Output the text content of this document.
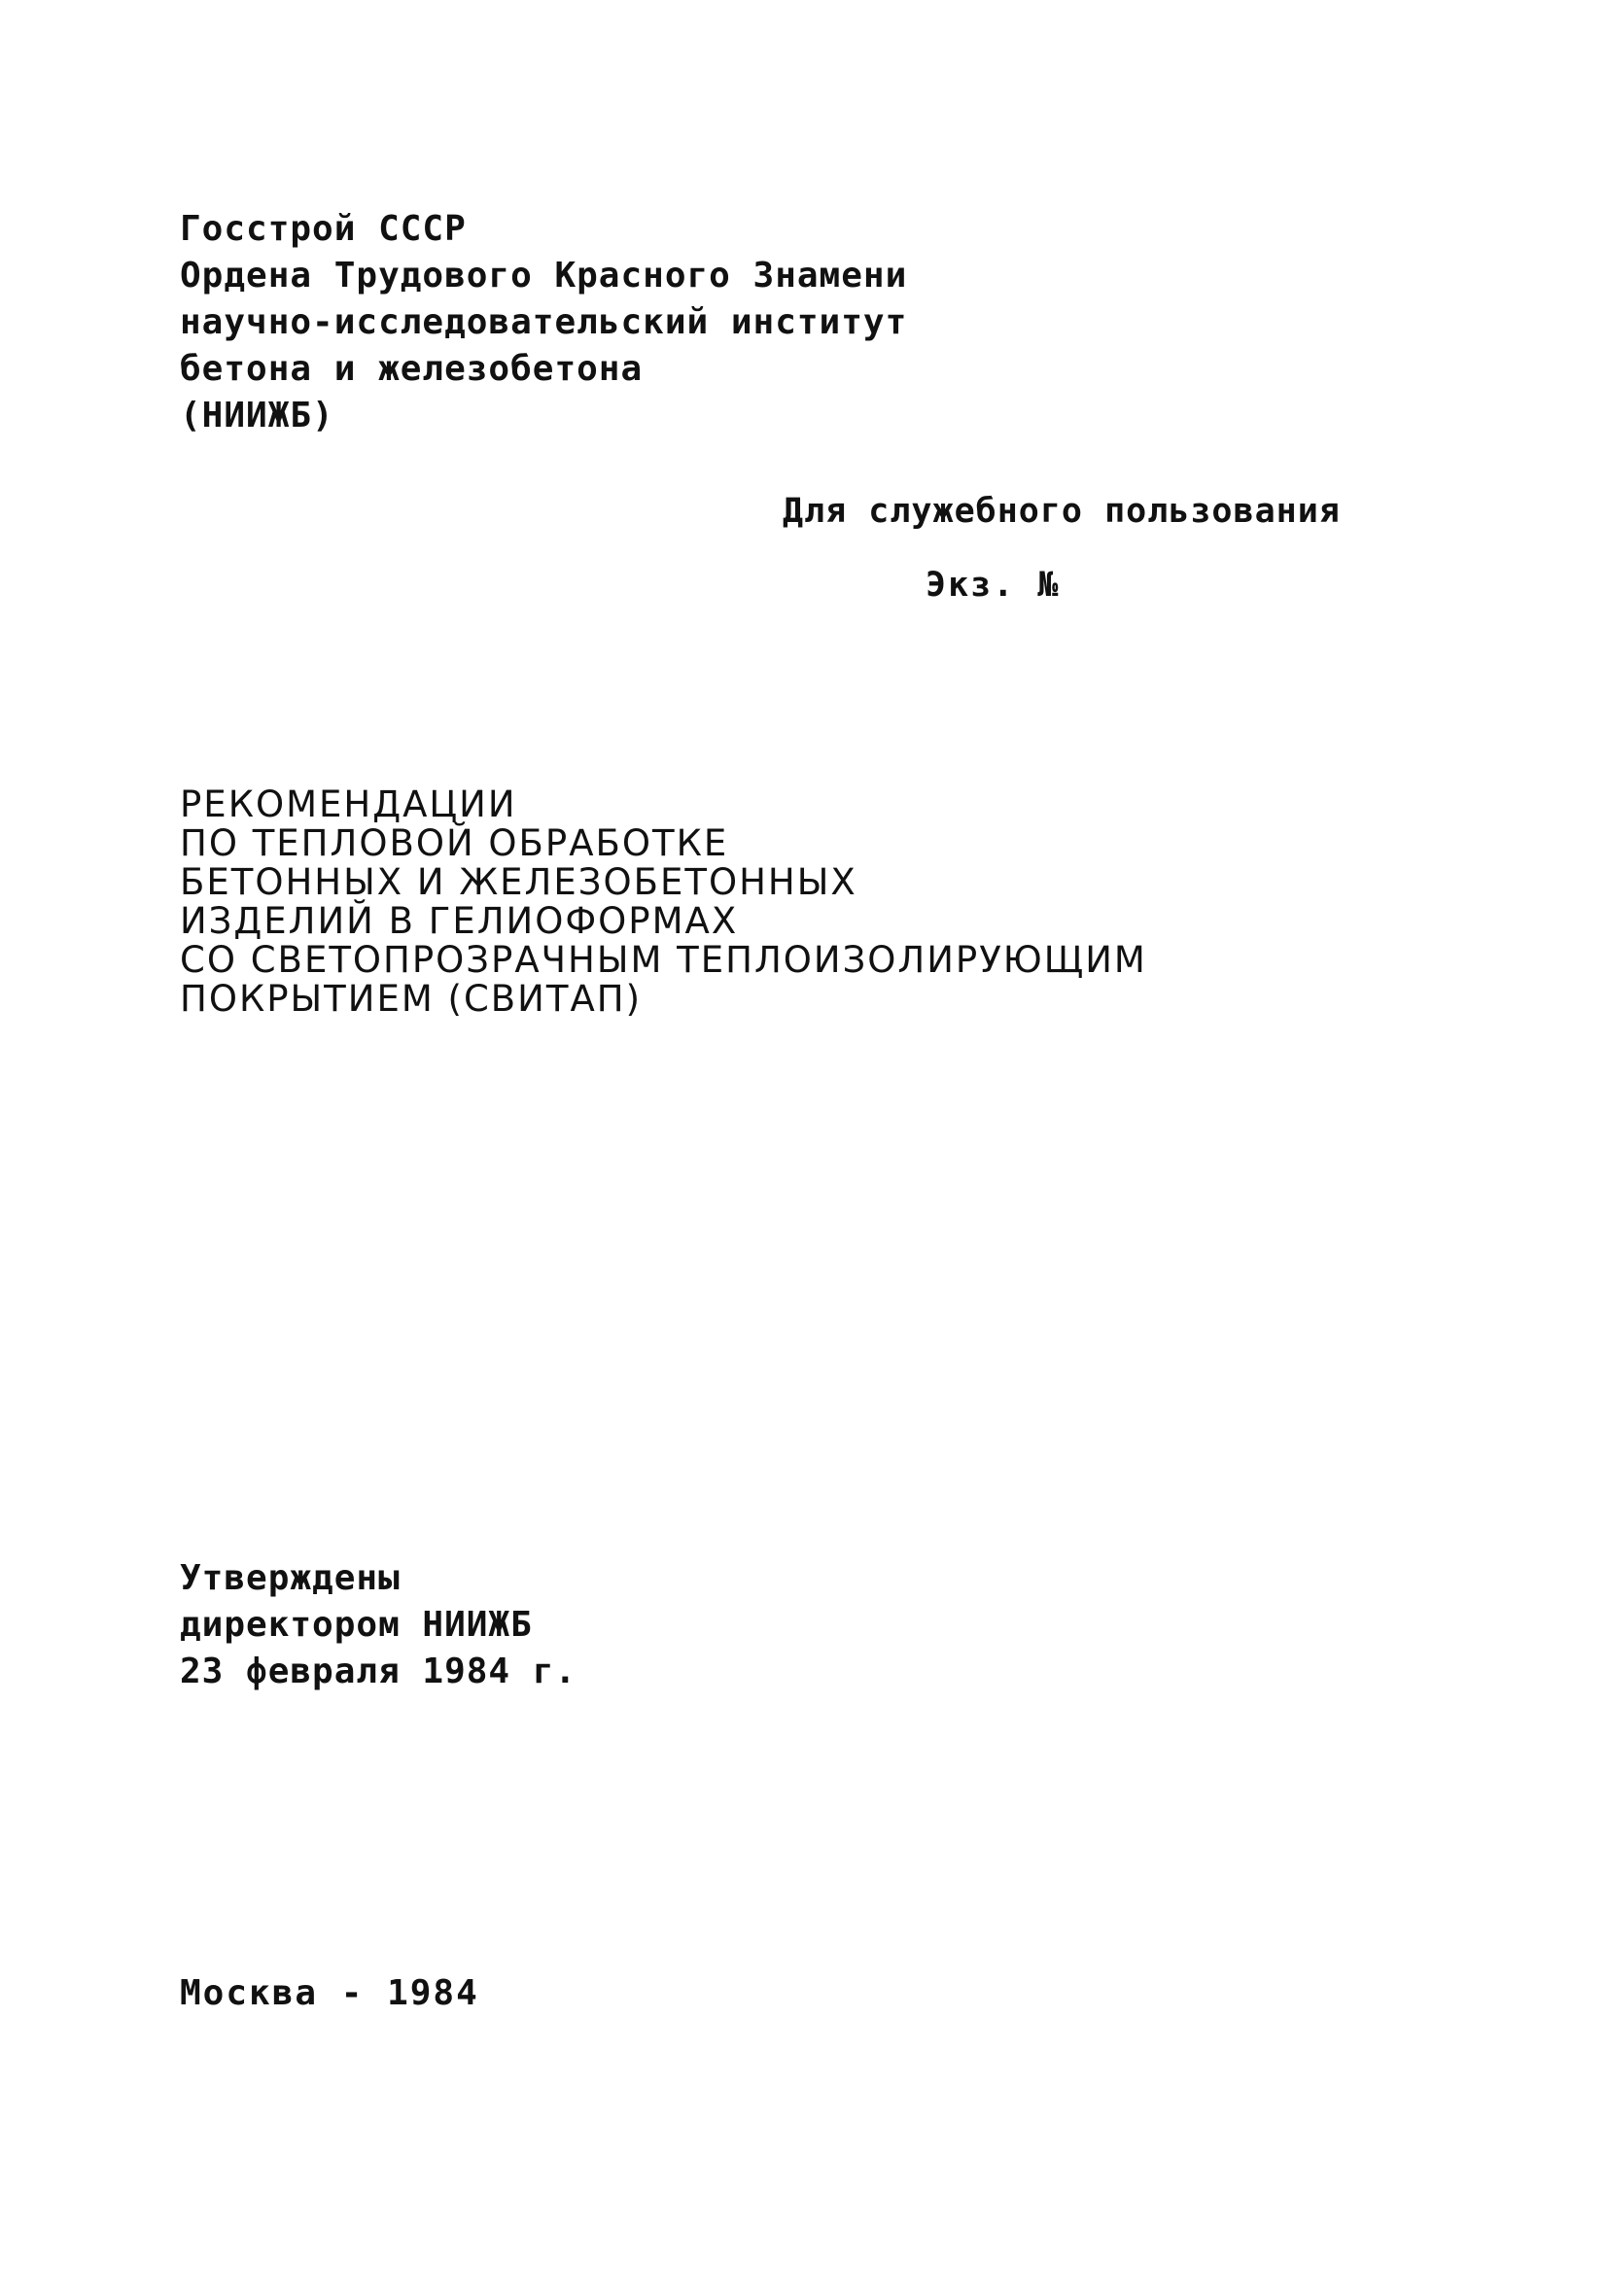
Госстрой СССР
Ордена Трудового Красного Знамени
научно-исследовательский институт
бетона и железобетона
(НИИЖБ)
Для служебного пользования
Экз. №
РЕКОМЕНДАЦИИ
ПО ТЕПЛОВОЙ ОБРАБОТКЕ
БЕТОННЫХ И ЖЕЛЕЗОБЕТОННЫХ
ИЗДЕЛИЙ В ГЕЛИОФОРМАХ
СО СВЕТОПРОЗРАЧНЫМ ТЕПЛОИЗОЛИРУЮЩИМ
ПОКРЫТИЕМ (СВИТАП)
Утверждены
директором НИИЖБ
23 февраля 1984 г.
Москва - 1984
